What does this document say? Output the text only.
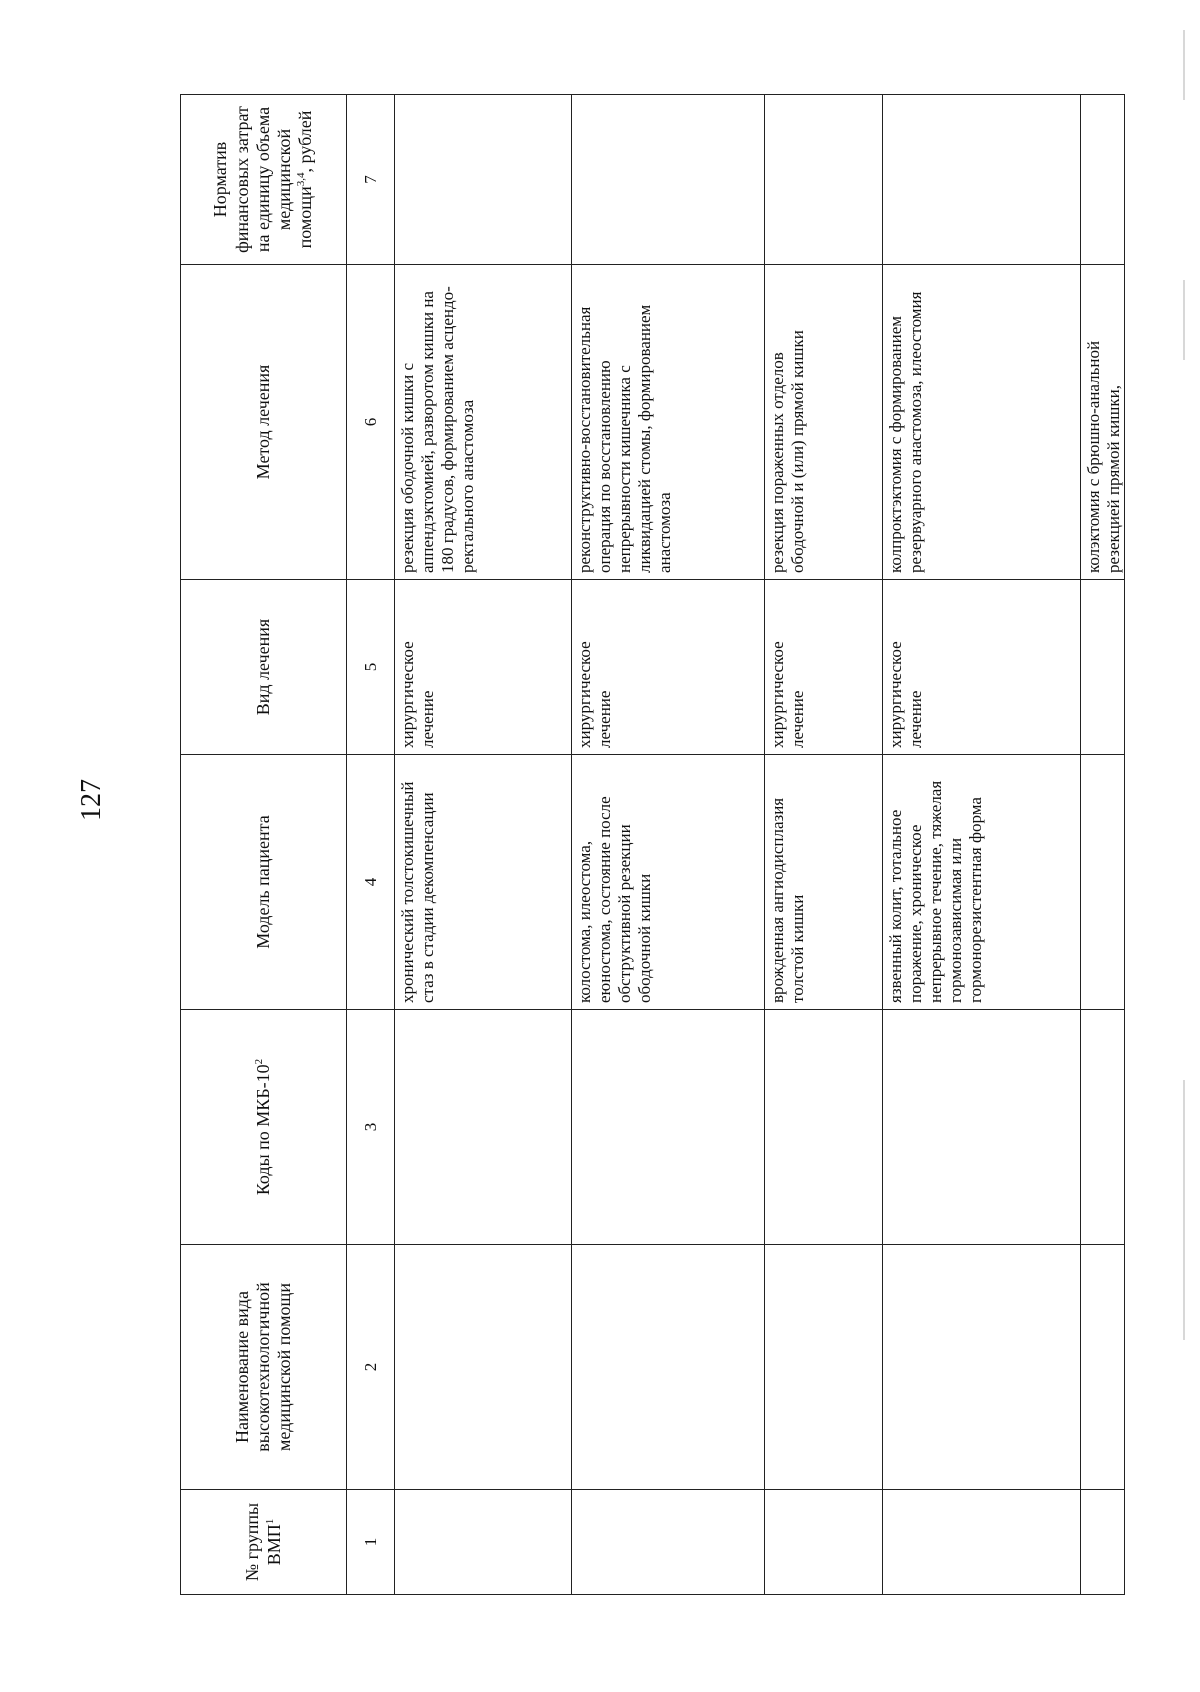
127
№ группы ВМП$^1$	Наименование вида высокотехнологичной медицинской помощи	Коды по МКБ-$10^2$	Модель пациента	Вид лечения	Метод лечения	Норматив финансовых затрат на единицу объема медицинской помощи$^{3,4}$, рублей
1	2	3	4	5	6	7
			хронический толстокишечный стаз в стадии декомпенсации	хирургическое лечение	резекция ободочной кишки с аппендэктомией, разворотом кишки на 180 градусов, формированием асцендо-ректального анастомоза	
			колостома, илеостома, еюностома, состояние после обструктивной резекции ободочной кишки	хирургическое лечение	реконструктивно-восстановительная операция по восстановлению непрерывности кишечника с ликвидацией стомы, формированием анастомоза	
			врожденная ангиодисплазия толстой кишки	хирургическое лечение	резекция пораженных отделов ободочной и (или) прямой кишки	
			язвенный колит, тотальное поражение, хроническое непрерывное течение, тяжелая гормонозависимая или гормонорезистентная форма	хирургическое лечение	колпроктэктомия с формированием резервуарного анастомоза, илеостомия	

					колэктомия с брюшно-анальной резекцией прямой кишки,	
